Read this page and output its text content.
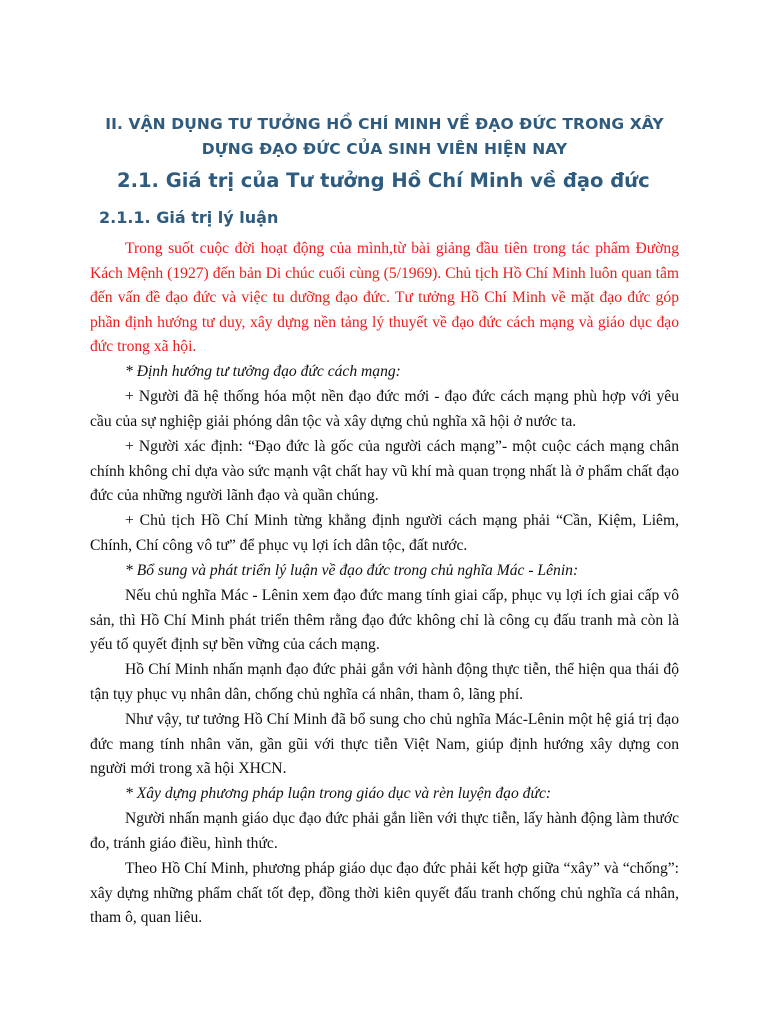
II. VẬN DỤNG TƯ TƯỞNG HỒ CHÍ MINH VỀ ĐẠO ĐỨC TRONG XÂY DỰNG ĐẠO ĐỨC CỦA SINH VIÊN HIỆN NAY
2.1. Giá trị của Tư tưởng Hồ Chí Minh về đạo đức
2.1.1. Giá trị lý luận

Trong suốt cuộc đời hoạt động của mình,từ bài giảng đầu tiên trong tác phẩm Đường Kách Mệnh (1927) đến bản Di chúc cuối cùng (5/1969). Chủ tịch Hồ Chí Minh luôn quan tâm đến vấn đề đạo đức và việc tu dưỡng đạo đức. Tư tưởng Hồ Chí Minh về mặt đạo đức góp phần định hướng tư duy, xây dựng nền tảng lý thuyết về đạo đức cách mạng và giáo dục đạo đức trong xã hội.

* Định hướng tư tưởng đạo đức cách mạng:

+ Người đã hệ thống hóa một nền đạo đức mới - đạo đức cách mạng phù hợp với yêu cầu của sự nghiệp giải phóng dân tộc và xây dựng chủ nghĩa xã hội ở nước ta.

+ Người xác định: “Đạo đức là gốc của người cách mạng”- một cuộc cách mạng chân chính không chỉ dựa vào sức mạnh vật chất hay vũ khí mà quan trọng nhất là ở phẩm chất đạo đức của những người lãnh đạo và quần chúng.

+ Chủ tịch Hồ Chí Minh từng khẳng định người cách mạng phải “Cần, Kiệm, Liêm, Chính, Chí công vô tư” để phục vụ lợi ích dân tộc, đất nước.

* Bổ sung và phát triển lý luận về đạo đức trong chủ nghĩa Mác - Lênin:

Nếu chủ nghĩa Mác - Lênin xem đạo đức mang tính giai cấp, phục vụ lợi ích giai cấp vô sản, thì Hồ Chí Minh phát triển thêm rằng đạo đức không chỉ là công cụ đấu tranh mà còn là yếu tố quyết định sự bền vững của cách mạng.

Hồ Chí Minh nhấn mạnh đạo đức phải gắn với hành động thực tiễn, thể hiện qua thái độ tận tụy phục vụ nhân dân, chống chủ nghĩa cá nhân, tham ô, lãng phí.

Như vậy, tư tưởng Hồ Chí Minh đã bổ sung cho chủ nghĩa Mác-Lênin một hệ giá trị đạo đức mang tính nhân văn, gần gũi với thực tiễn Việt Nam, giúp định hướng xây dựng con người mới trong xã hội XHCN.

* Xây dựng phương pháp luận trong giáo dục và rèn luyện đạo đức:

Người nhấn mạnh giáo dục đạo đức phải gắn liền với thực tiễn, lấy hành động làm thước đo, tránh giáo điều, hình thức.

Theo Hồ Chí Minh, phương pháp giáo dục đạo đức phải kết hợp giữa “xây” và “chống”: xây dựng những phẩm chất tốt đẹp, đồng thời kiên quyết đấu tranh chống chủ nghĩa cá nhân, tham ô, quan liêu.
